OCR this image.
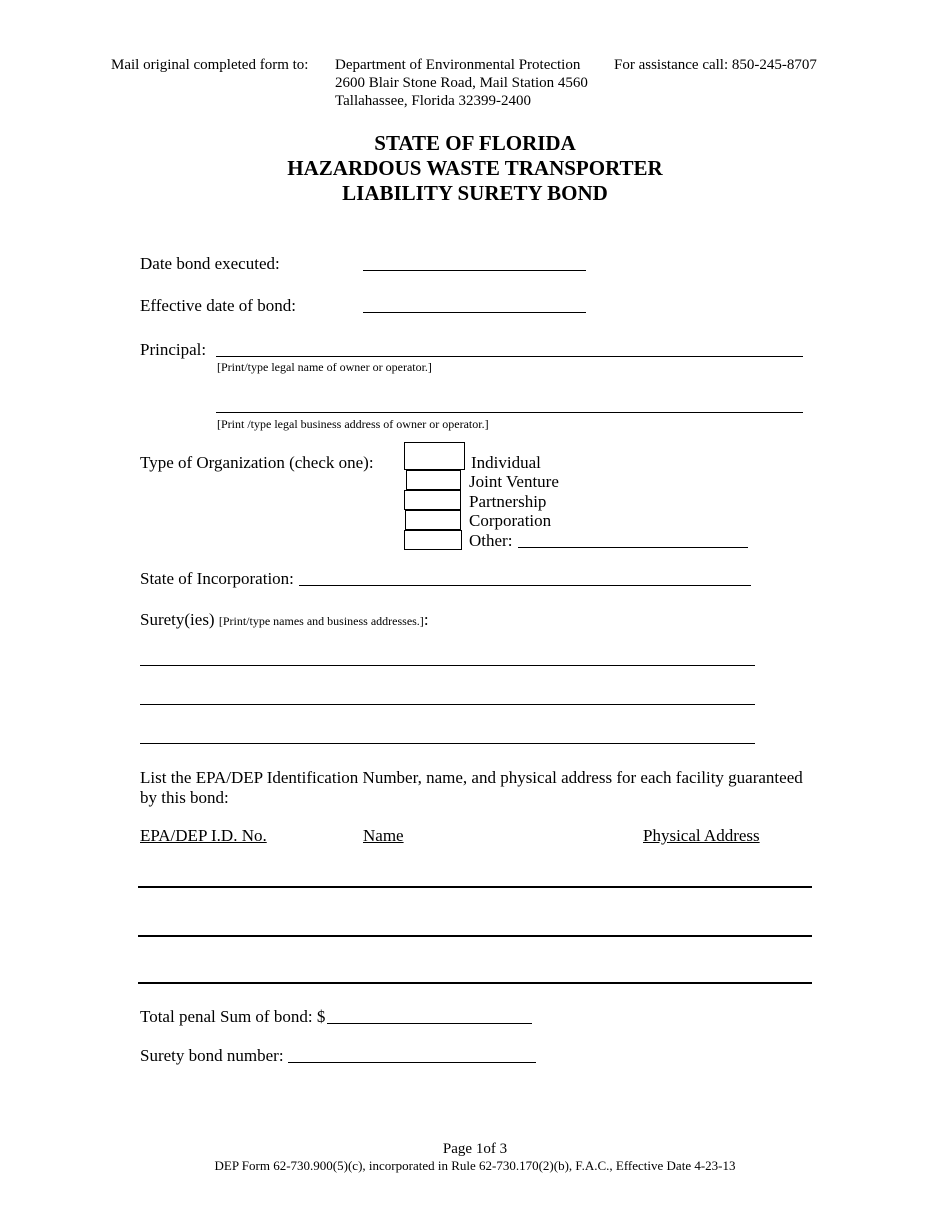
Mail original completed form to: Department of Environmental Protection
2600 Blair Stone Road, Mail Station 4560
Tallahassee, Florida 32399-2400
For assistance call: 850-245-8707
STATE OF FLORIDA
HAZARDOUS WASTE TRANSPORTER
LIABILITY SURETY BOND
Date bond executed:
Effective date of bond:
Principal:
[Print/type legal name of owner or operator.]
[Print /type legal business address of owner or operator.]
Type of Organization (check one):	Individual
Joint Venture
Partnership
Corporation
Other:
State of Incorporation:
Surety(ies) [Print/type names and business addresses.]:
List the EPA/DEP Identification Number, name, and physical address for each facility guaranteed by this bond:
EPA/DEP I.D. No.	Name	Physical Address
Total penal Sum of bond: $
Surety bond number:
Page 1of 3
DEP Form 62-730.900(5)(c), incorporated in Rule 62-730.170(2)(b), F.A.C., Effective Date 4-23-13
